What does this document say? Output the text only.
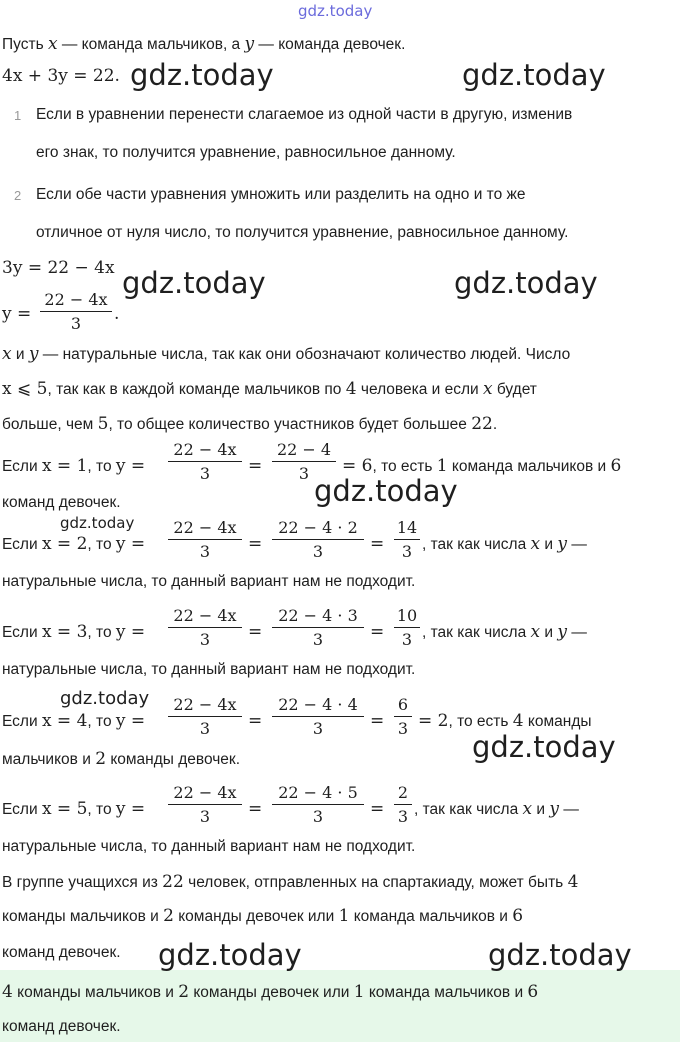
gdz.today
Пусть x — команда мальчиков, а y — команда девочек.
4x + 3y = 22.
1 Если в уравнении перенести слагаемое из одной части в другую, изменив
его знак, то получится уравнение, равносильное данному.
2 Если обе части уравнения умножить или разделить на одно и то же
отличное от нуля число, то получится уравнение, равносильное данному.
3y = 22 − 4x
y =
22 − 4x
3	.
x и y — натуральные числа, так как они обозначают количество людей. Число
x ⩽ 5, так как в каждой команде мальчиков по 4 человека и если x будет
больше, чем 5, то общее количество участников будет большее 22.
Если x = 1, то y =
22 − 4x
3	=
22 − 4
3	= 6, то есть 1 команда мальчиков и 6
команд девочек.
Если x = 2, то y =
22 − 4x
3	=
22 − 4 · 2
3	=
14
3 , так как числа x и y —
натуральные числа, то данный вариант нам не подходит.
Если x = 3, то y =
22 − 4x
3	=
22 − 4 · 3
3	=
10
3 , так как числа x и y —
натуральные числа, то данный вариант нам не подходит.
Если x = 4, то y =
22 − 4x
3	=
22 − 4 · 4
3	=
6
3 = 2, то есть 4 команды
мальчиков и 2 команды девочек.
Если x = 5, то y =
22 − 4x
3	=
22 − 4 · 5
3	=
2
3 , так как числа x и y —
натуральные числа, то данный вариант нам не подходит.
В группе учащихся из 22 человек, отправленных на спартакиаду, может быть 4
команды мальчиков и 2 команды девочек или 1 команда мальчиков и 6
команд девочек.
4 команды мальчиков и 2 команды девочек или 1 команда мальчиков и 6
команд девочек.
gdz.today	gdz.today
gdz.today	gdz.today
gdz.today
gdz.today
gdz.today
gdz.today
gdz.today	gdz.today
